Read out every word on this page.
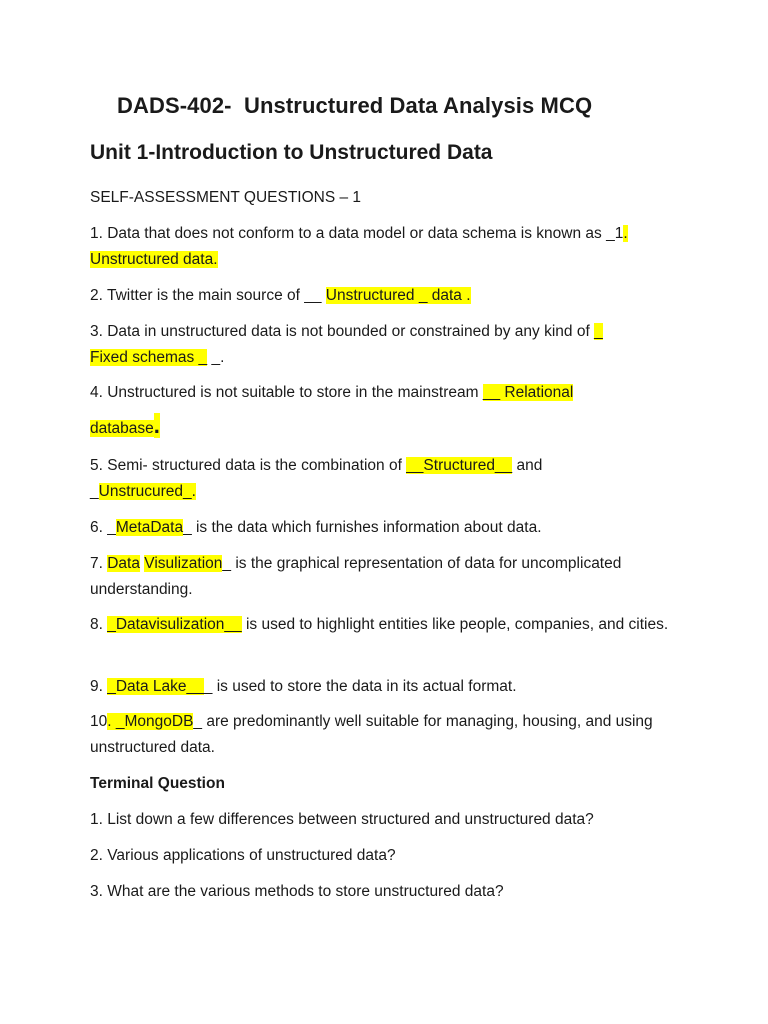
DADS-402-  Unstructured Data Analysis MCQ
Unit 1-Introduction to Unstructured Data
SELF-ASSESSMENT QUESTIONS – 1
1. Data that does not conform to a data model or data schema is known as _1.
Unstructured data.
2. Twitter is the main source of __ Unstructured _ data .
3. Data in unstructured data is not bounded or constrained by any kind of _
Fixed schemas _ _.
4. Unstructured is not suitable to store in the mainstream __ Relational
database.
5. Semi- structured data is the combination of __Structured__ and
_Unstrucured_.
6. _MetaData_ is the data which furnishes information about data.
7. Data Visulization_ is the graphical representation of data for uncomplicated understanding.
8. _Datavisulization__ is used to highlight entities like people, companies, and cities.
9. _Data Lake___ is used to store the data in its actual format.
10. _MongoDB_ are predominantly well suitable for managing, housing, and using unstructured data.
Terminal Question
1. List down a few differences between structured and unstructured data?
2. Various applications of unstructured data?
3. What are the various methods to store unstructured data?
